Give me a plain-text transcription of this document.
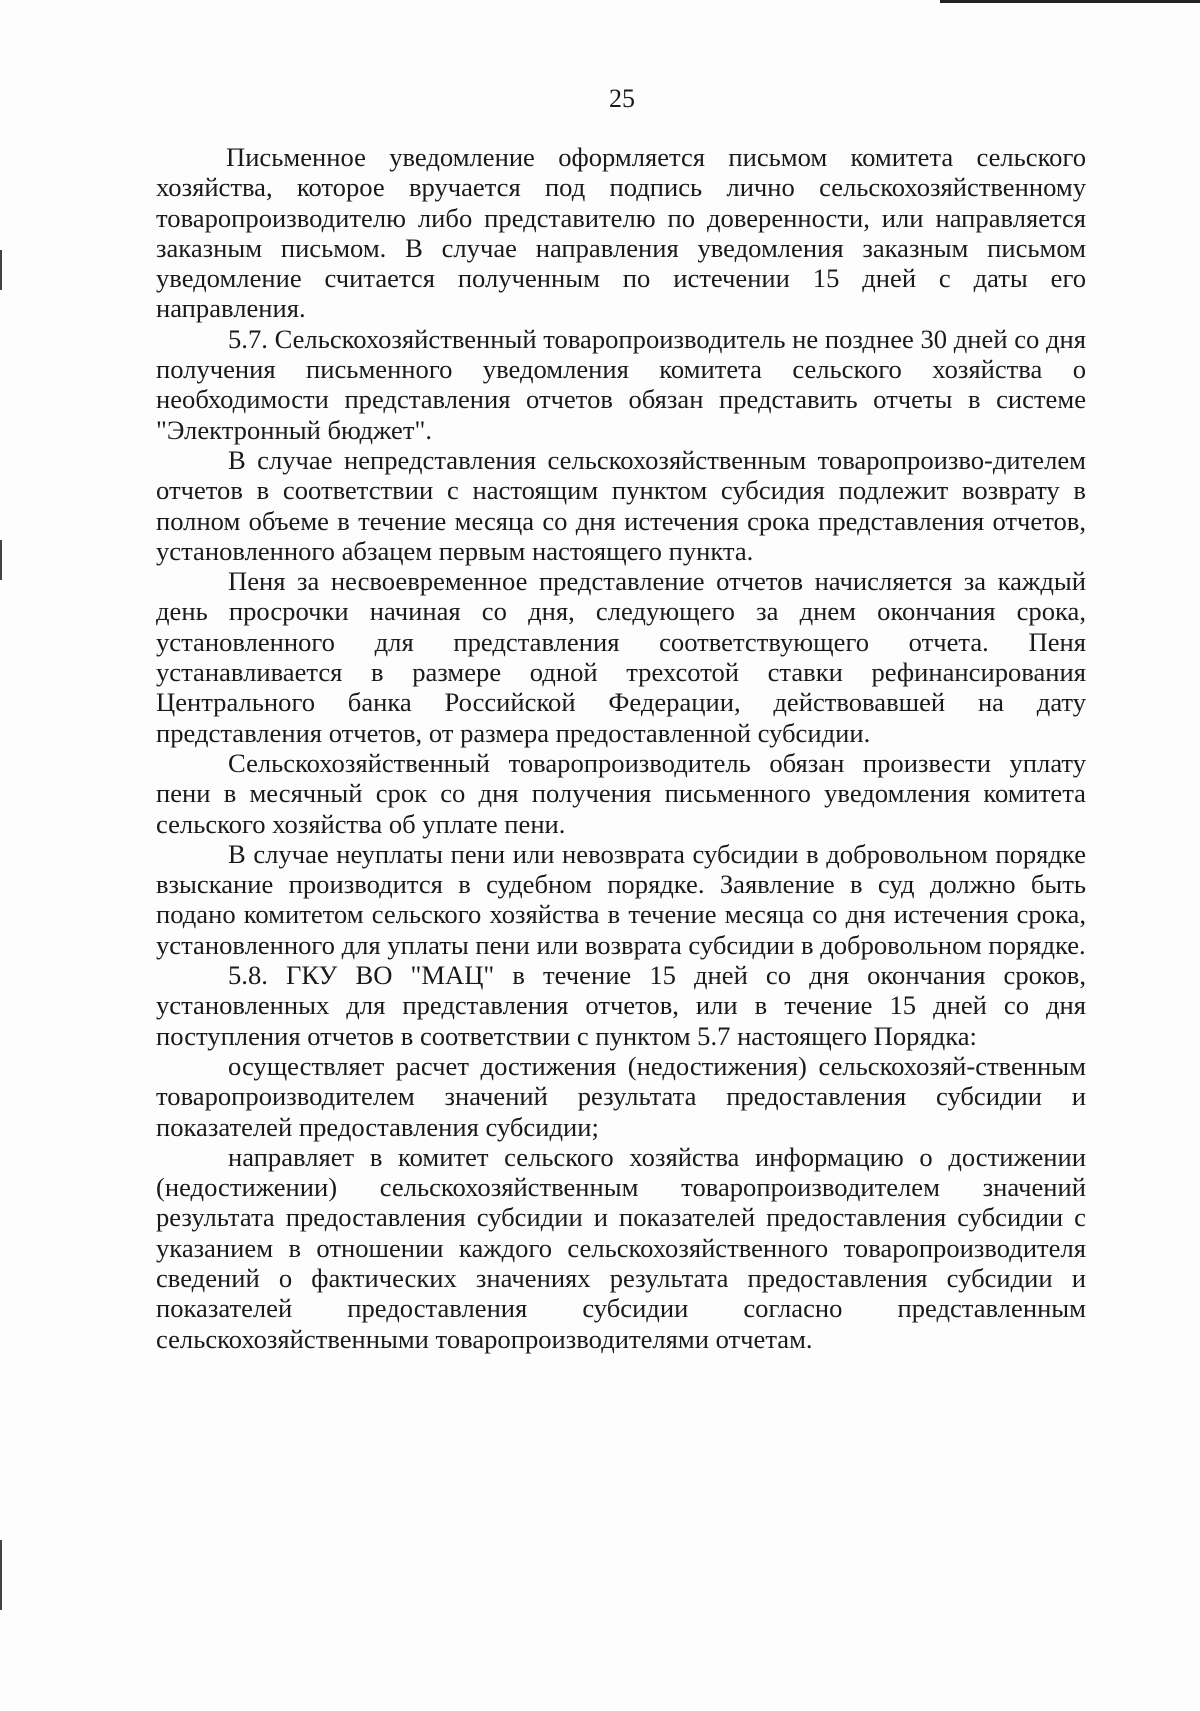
25

Письменное уведомление оформляется письмом комитета сельского хозяйства, которое вручается под подпись лично сельскохозяйственному товаропроизводителю либо представителю по доверенности, или направляется заказным письмом. В случае направления уведомления заказным письмом уведомление считается полученным по истечении 15 дней с даты его направления.

5.7. Сельскохозяйственный товаропроизводитель не позднее 30 дней со дня получения письменного уведомления комитета сельского хозяйства о необходимости представления отчетов обязан представить отчеты в системе "Электронный бюджет".

В случае непредставления сельскохозяйственным товаропроизво-дителем отчетов в соответствии с настоящим пунктом субсидия подлежит возврату в полном объеме в течение месяца со дня истечения срока представления отчетов, установленного абзацем первым настоящего пункта.

Пеня за несвоевременное представление отчетов начисляется за каждый день просрочки начиная со дня, следующего за днем окончания срока, установленного для представления соответствующего отчета. Пеня устанавливается в размере одной трехсотой ставки рефинансирования Центрального банка Российской Федерации, действовавшей на дату представления отчетов, от размера предоставленной субсидии.

Сельскохозяйственный товаропроизводитель обязан произвести уплату пени в месячный срок со дня получения письменного уведомления комитета сельского хозяйства об уплате пени.

В случае неуплаты пени или невозврата субсидии в добровольном порядке взыскание производится в судебном порядке. Заявление в суд должно быть подано комитетом сельского хозяйства в течение месяца со дня истечения срока, установленного для уплаты пени или возврата субсидии в добровольном порядке.

5.8. ГКУ ВО "МАЦ" в течение 15 дней со дня окончания сроков, установленных для представления отчетов, или в течение 15 дней со дня поступления отчетов в соответствии с пунктом 5.7 настоящего Порядка:

осуществляет расчет достижения (недостижения) сельскохозяй-ственным товаропроизводителем значений результата предоставления субсидии и показателей предоставления субсидии;

направляет в комитет сельского хозяйства информацию о достижении (недостижении) сельскохозяйственным товаропроизводителем значений результата предоставления субсидии и показателей предоставления субсидии с указанием в отношении каждого сельскохозяйственного товаропроизводителя сведений о фактических значениях результата предоставления субсидии и показателей предоставления субсидии согласно представленным сельскохозяйственными товаропроизводителями отчетам.
